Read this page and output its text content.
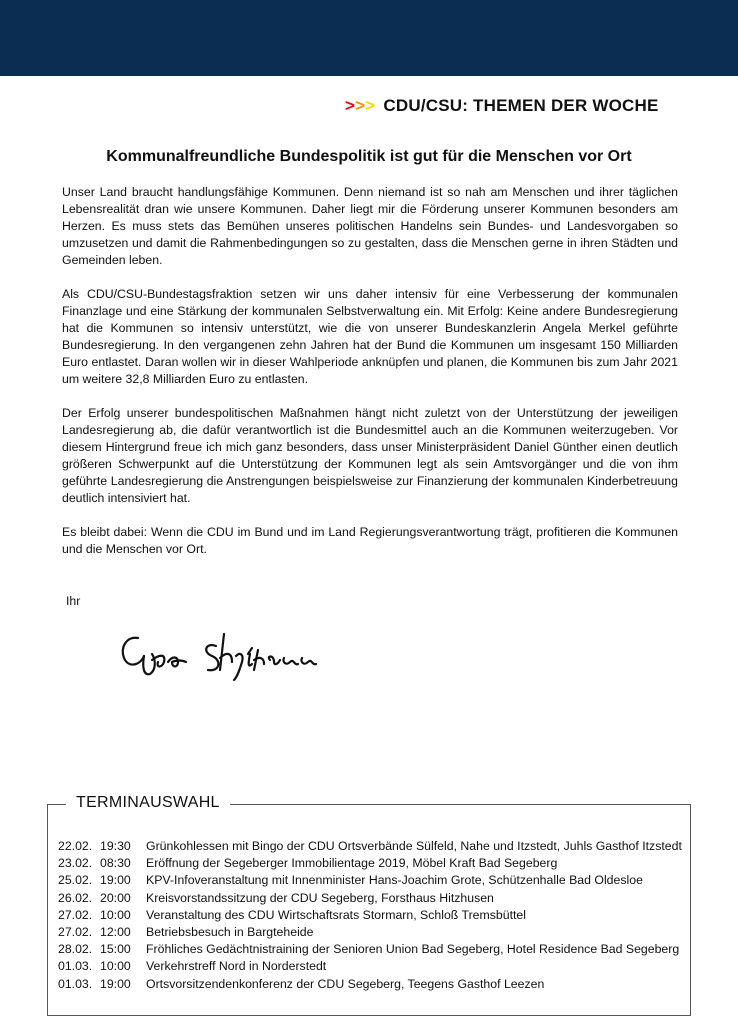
>>> CDU/CSU: THEMEN DER WOCHE
Kommunalfreundliche Bundespolitik ist gut für die Menschen vor Ort

Unser Land braucht handlungsfähige Kommunen. Denn niemand ist so nah am Menschen und ihrer täglichen Lebensrealität dran wie unsere Kommunen. Daher liegt mir die Förderung unserer Kommunen besonders am Herzen. Es muss stets das Bemühen unseres politischen Handelns sein Bundes- und Landesvorgaben so umzusetzen und damit die Rahmenbedingungen so zu gestalten, dass die Menschen gerne in ihren Städten und Gemeinden leben.

Als CDU/CSU-Bundestagsfraktion setzen wir uns daher intensiv für eine Verbesserung der kommunalen Finanzlage und eine Stärkung der kommunalen Selbstverwaltung ein. Mit Erfolg: Keine andere Bundesregierung hat die Kommunen so intensiv unterstützt, wie die von unserer Bundeskanzlerin Angela Merkel geführte Bundesregierung. In den vergangenen zehn Jahren hat der Bund die Kommunen um insgesamt 150 Milliarden Euro entlastet. Daran wollen wir in dieser Wahlperiode anknüpfen und planen, die Kommunen bis zum Jahr 2021 um weitere 32,8 Milliarden Euro zu entlasten.

Der Erfolg unserer bundespolitischen Maßnahmen hängt nicht zuletzt von der Unterstützung der jeweiligen Landesregierung ab, die dafür verantwortlich ist die Bundesmittel auch an die Kommunen weiterzugeben. Vor diesem Hintergrund freue ich mich ganz besonders, dass unser Ministerpräsident Daniel Günther einen deutlich größeren Schwerpunkt auf die Unterstützung der Kommunen legt als sein Amtsvorgänger und die von ihm geführte Landesregierung die Anstrengungen beispielsweise zur Finanzierung der kommunalen Kinderbetreuung deutlich intensiviert hat.

Es bleibt dabei: Wenn die CDU im Bund und im Land Regierungsverantwortung trägt, profitieren die Kommunen und die Menschen vor Ort.

Ihr
TERMINAUSWAHL
22.02. 19:30 Grünkohlessen mit Bingo der CDU Ortsverbände Sülfeld, Nahe und Itzstedt, Juhls Gasthof Itzstedt
23.02. 08:30 Eröffnung der Segeberger Immobilientage 2019, Möbel Kraft Bad Segeberg
25.02. 19:00 KPV-Infoveranstaltung mit Innenminister Hans-Joachim Grote, Schützenhalle Bad Oldesloe
26.02. 20:00 Kreisvorstandssitzung der CDU Segeberg, Forsthaus Hitzhusen
27.02. 10:00 Veranstaltung des CDU Wirtschaftsrats Stormarn, Schloß Tremsbüttel
27.02. 12:00 Betriebsbesuch in Bargteheide
28.02. 15:00 Fröhliches Gedächtnistraining der Senioren Union Bad Segeberg, Hotel Residence Bad Segeberg
01.03. 10:00 Verkehrstreff Nord in Norderstedt
01.03. 19:00 Ortsvorsitzendenkonferenz der CDU Segeberg, Teegens Gasthof Leezen
